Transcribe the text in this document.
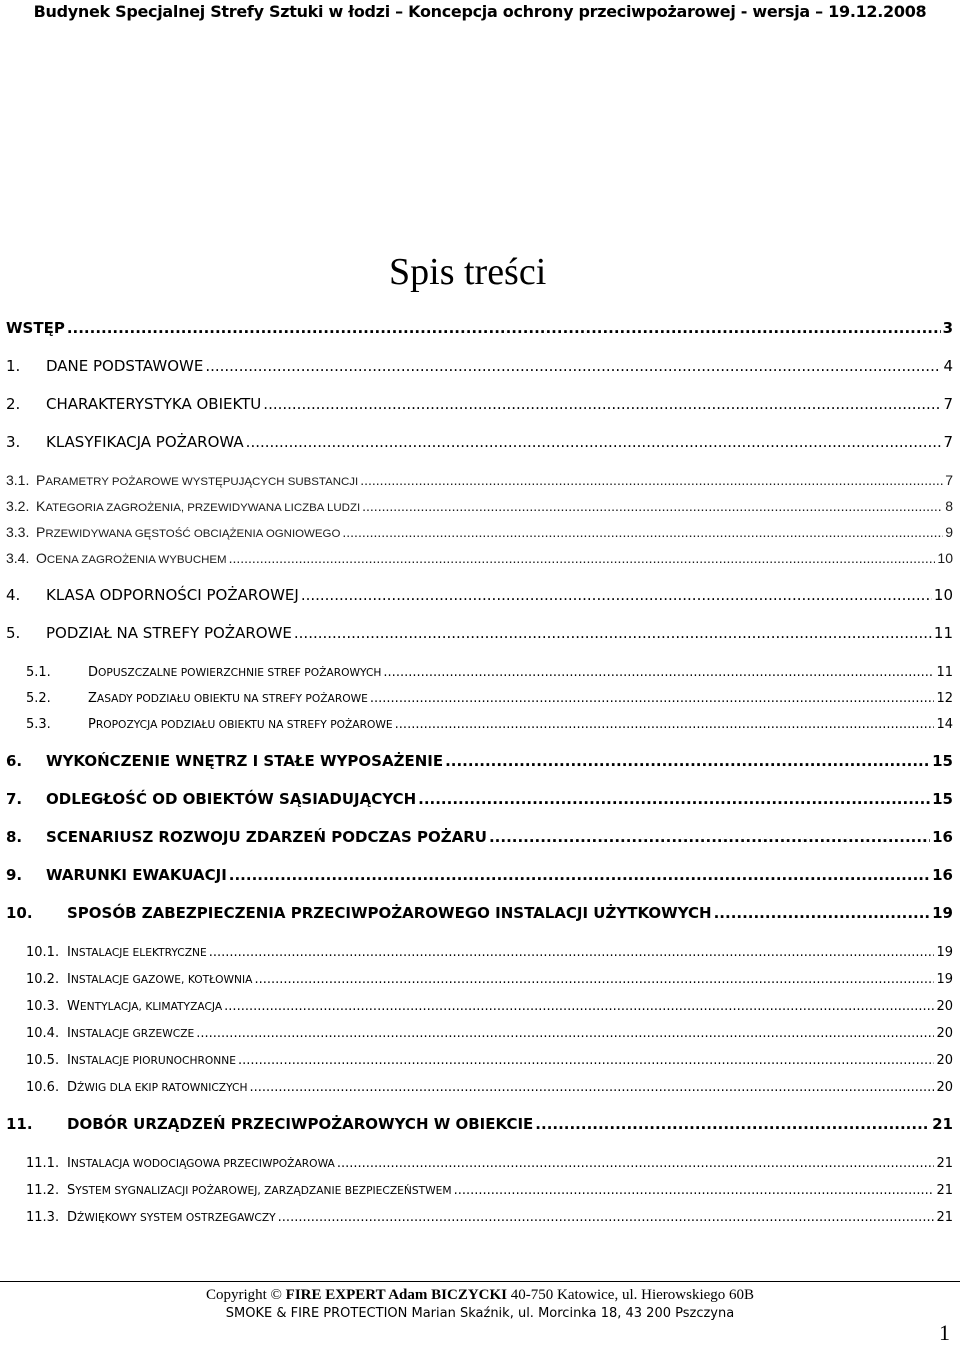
Budynek Specjalnej Strefy Sztuki w łodzi – Koncepcja ochrony przeciwpożarowej - wersja – 19.12.2008
Spis treści
WSTĘP .....	3
1.	DANE PODSTAWOWE .....	4
2.	CHARAKTERYSTYKA OBIEKTU .....	7
3.	KLASYFIKACJA POŻAROWA .....	7
3.1. PARAMETRY POŻAROWE WYSTĘPUJĄCYCH SUBSTANCJI .....	7
3.2. KATEGORIA ZAGROŻENIA, PRZEWIDYWANA LICZBA LUDZI .....	8
3.3. PRZEWIDYWANA GĘSTOŚĆ OBCIĄŻENIA OGNIOWEGO .....	9
3.4. OCENA ZAGROŻENIA WYBUCHEM .....	10
4.	KLASA ODPORNOŚCI POŻAROWEJ .....	10
5.	PODZIAŁ NA STREFY POŻAROWE .....	11
5.1.	DOPUSZCZALNE POWIERZCHNIE STREF POŻAROWYCH .....	11
5.2.	ZASADY PODZIAŁU OBIEKTU NA STREFY POŻAROWE .....	12
5.3.	PROPOZYCJA PODZIAŁU OBIEKTU NA STREFY POŻAROWE .....	14
6.	WYKOŃCZENIE WNĘTRZ I STAŁE WYPOSAŻENIE .....	15
7.	ODLEGŁOŚĆ OD OBIEKTÓW SĄSIADUJĄCYCH .....	15
8.	SCENARIUSZ ROZWOJU ZDARZEŃ PODCZAS POŻARU .....	16
9.	WARUNKI EWAKUACJI .....	16
10.	SPOSÓB ZABEZPIECZENIA PRZECIWPOŻAROWEGO INSTALACJI UŻYTKOWYCH .....	19
10.1. INSTALACJE ELEKTRYCZNE .....	19
10.2. INSTALACJE GAZOWE, KOTŁOWNIA .....	19
10.3. WENTYLACJA, KLIMATYZACJA .....	20
10.4. INSTALACJE GRZEWCZE .....	20
10.5. INSTALACJE PIORUNOCHRONNE .....	20
10.6. DŹWIG DLA EKIP RATOWNICZYCH .....	20
11.	DOBÓR URZĄDZEŃ PRZECIWPOŻAROWYCH W OBIEKCIE .....	21
11.1. INSTALACJA WODOCIĄGOWA PRZECIWPOŻAROWA .....	21
11.2. SYSTEM SYGNALIZACJI POŻAROWEJ, ZARZĄDZANIE BEZPIECZEŃSTWEM .....	21
11.3. DŹWIĘKOWY SYSTEM OSTRZEGAWCZY .....	21
Copyright © FIRE EXPERT Adam BICZYCKI 40-750 Katowice, ul. Hierowskiego 60B
SMOKE & FIRE PROTECTION Marian Skaźnik, ul. Morcinka 18, 43 200 Pszczyna
1
